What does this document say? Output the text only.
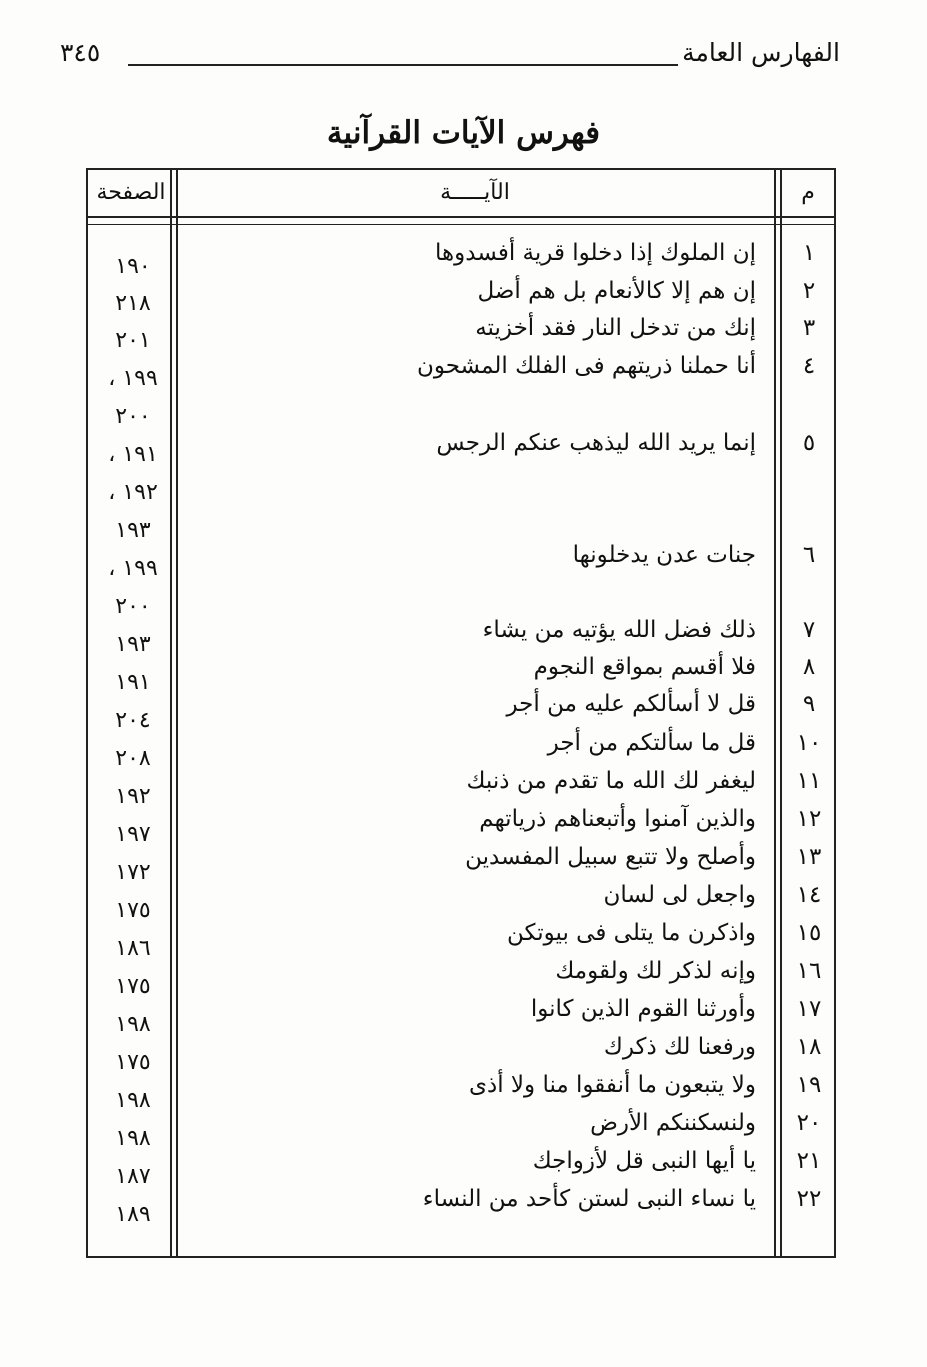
الفهارس العامة
٣٤٥
فهرس الآيات القرآنية
الصفحة	الآيـــــة	م
١
إن الملوك إذا دخلوا قرية أفسدوها
٢
إن هم إلا كالأنعام بل هم أضل
٣
إنك من تدخل النار فقد أخزيته
٤
أنا حملنا ذريتهم فى الفلك المشحون
٥
إنما يريد الله ليذهب عنكم الرجس
٦
جنات عدن يدخلونها
٧
ذلك فضل الله يؤتيه من يشاء
٨
فلا أقسم بمواقع النجوم
٩
قل لا أسألكم عليه من أجر
١٠
قل ما سألتكم من أجر
١١
ليغفر لك الله ما تقدم من ذنبك
١٢
والذين آمنوا وأتبعناهم ذرياتهم
١٣
وأصلح ولا تتبع سبيل المفسدين
١٤
واجعل لى لسان
١٥
واذكرن ما يتلى فى بيوتكن
١٦
وإنه لذكر لك ولقومك
١٧
وأورثنا القوم الذين كانوا
١٨
ورفعنا لك ذكرك
١٩
ولا يتبعون ما أنفقوا منا ولا أذى
٢٠
ولنسكننكم الأرض
٢١
يا أيها النبى قل لأزواجك
٢٢
يا نساء النبى لستن كأحد من النساء
١٩٠
٢١٨
٢٠١
١٩٩ ،
٢٠٠
١٩١ ،
١٩٢ ،
١٩٣
١٩٩ ،
٢٠٠
١٩٣
١٩١
٢٠٤
٢٠٨
١٩٢
١٩٧
١٧٢
١٧٥
١٨٦
١٧٥
١٩٨
١٧٥
١٩٨
١٩٨
١٨٧
١٨٩
